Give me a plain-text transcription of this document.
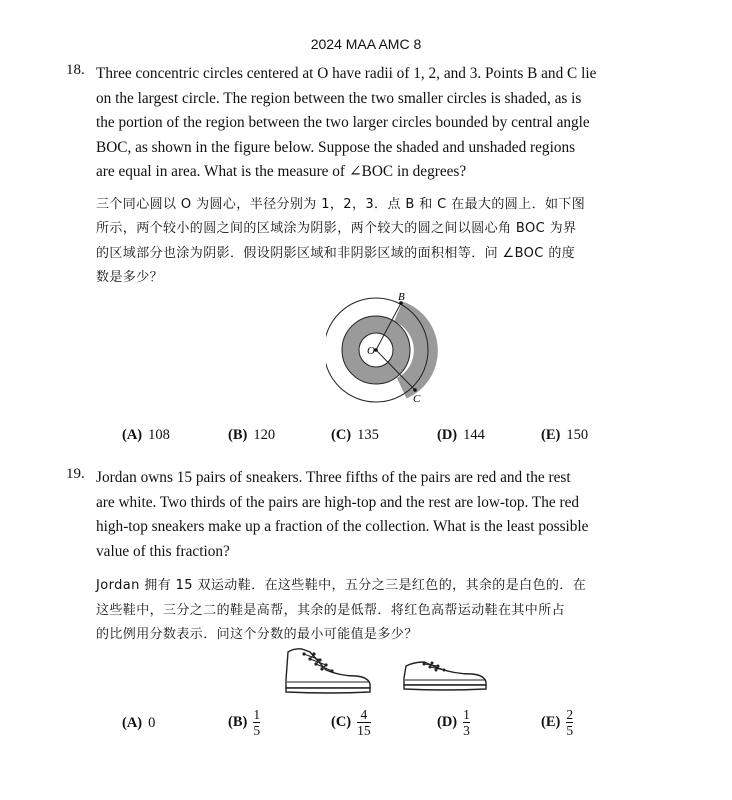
2024 MAA AMC 8
18. Three concentric circles centered at O have radii of 1, 2, and 3. Points B and C lie
on the largest circle. The region between the two smaller circles is shaded, as is
the portion of the region between the two larger circles bounded by central angle
BOC, as shown in the figure below. Suppose the shaded and unshaded regions
are equal in area. What is the measure of ∠BOC in degrees?

三个同心圆以 O 为圆心，半径分别为 1，2，3．点 B 和 C 在最大的圆上．如下图
所示，两个较小的圆之间的区域涂为阴影，两个较大的圆之间以圆心角 BOC 为界
的区域部分也涂为阴影．假设阴影区域和非阴影区域的面积相等．问 ∠BOC 的度
数是多少？

B
C
O
(A) 108	(B) 120	(C) 135	(D) 144	(E) 150
19. Jordan owns 15 pairs of sneakers. Three fifths of the pairs are red and the rest
are white. Two thirds of the pairs are high-top and the rest are low-top. The red
high-top sneakers make up a fraction of the collection. What is the least possible
value of this fraction?

Jordan 拥有 15 双运动鞋．在这些鞋中，五分之三是红色的，其余的是白色的．在
这些鞋中，三分之二的鞋是高帮，其余的是低帮．将红色高帮运动鞋在其中所占
的比例用分数表示．问这个分数的最小可能值是多少？

(A) 0	$(B) \frac{1}{5}$	$(C) \frac{4}{15}$	$(D) \frac{1}{3}$	$(E) \frac{2}{5}$
